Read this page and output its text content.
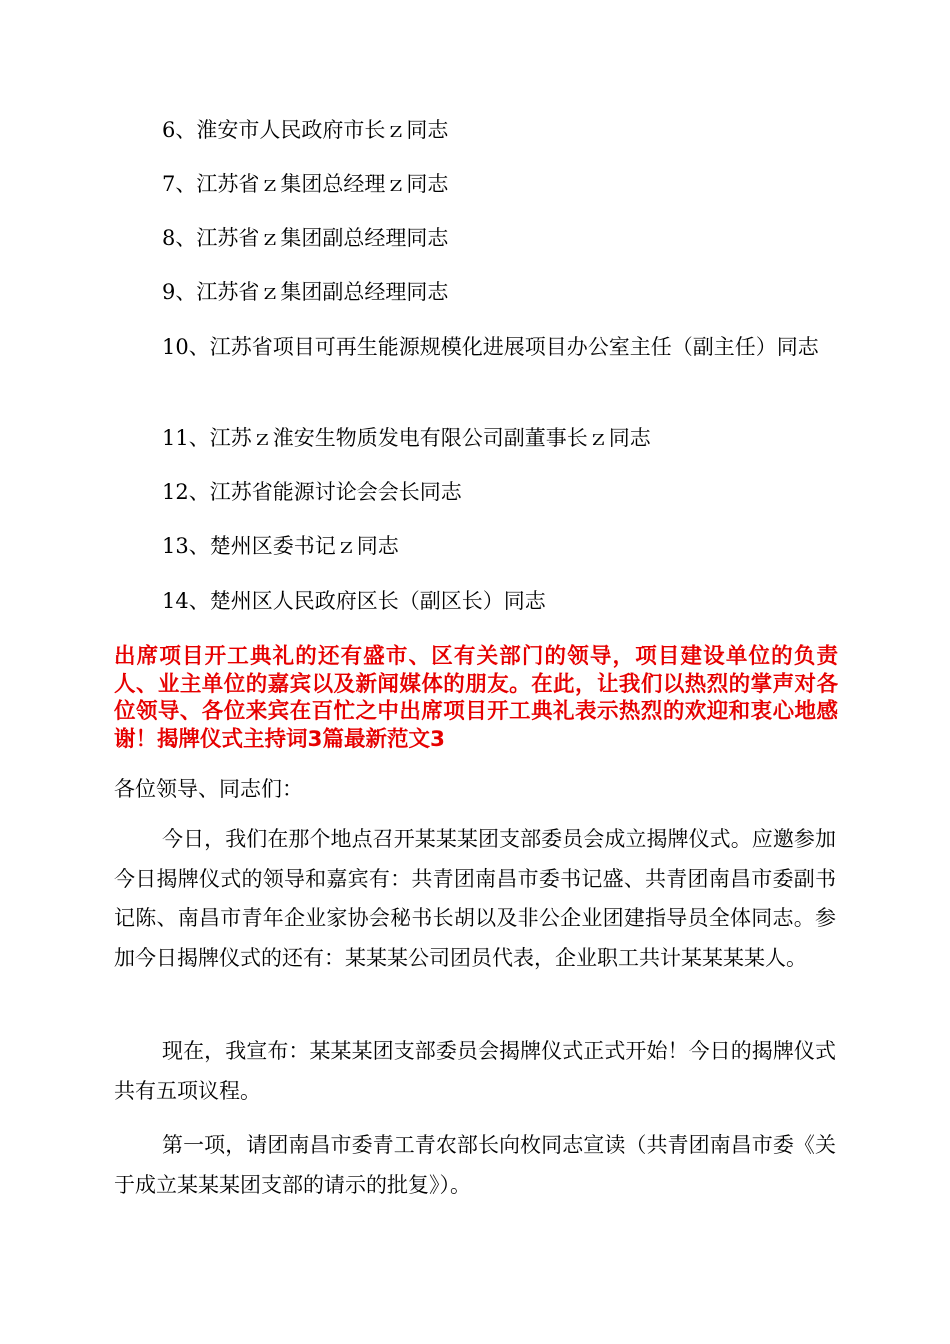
6、淮安市人民政府市长ｚ同志

7、江苏省ｚ集团总经理ｚ同志

8、江苏省ｚ集团副总经理同志

9、江苏省ｚ集团副总经理同志

10、江苏省项目可再生能源规模化进展项目办公室主任（副主任）同志

11、江苏ｚ淮安生物质发电有限公司副董事长ｚ同志

12、江苏省能源讨论会会长同志

13、楚州区委书记ｚ同志

14、楚州区人民政府区长（副区长）同志

出席项目开工典礼的还有盛市、区有关部门的领导，项目建设单位的负责人、业主单位的嘉宾以及新闻媒体的朋友。在此，让我们以热烈的掌声对各位领导、各位来宾在百忙之中出席项目开工典礼表示热烈的欢迎和衷心地感谢！揭牌仪式主持词3篇最新范文3

各位领导、同志们：

今日，我们在那个地点召开某某某团支部委员会成立揭牌仪式。应邀参加今日揭牌仪式的领导和嘉宾有：共青团南昌市委书记盛、共青团南昌市委副书记陈、南昌市青年企业家协会秘书长胡以及非公企业团建指导员全体同志。参加今日揭牌仪式的还有：某某某公司团员代表，企业职工共计某某某某人。

现在，我宣布：某某某团支部委员会揭牌仪式正式开始！今日的揭牌仪式共有五项议程。

第一项，请团南昌市委青工青农部长向枚同志宣读（共青团南昌市委《关于成立某某某团支部的请示的批复》）。
